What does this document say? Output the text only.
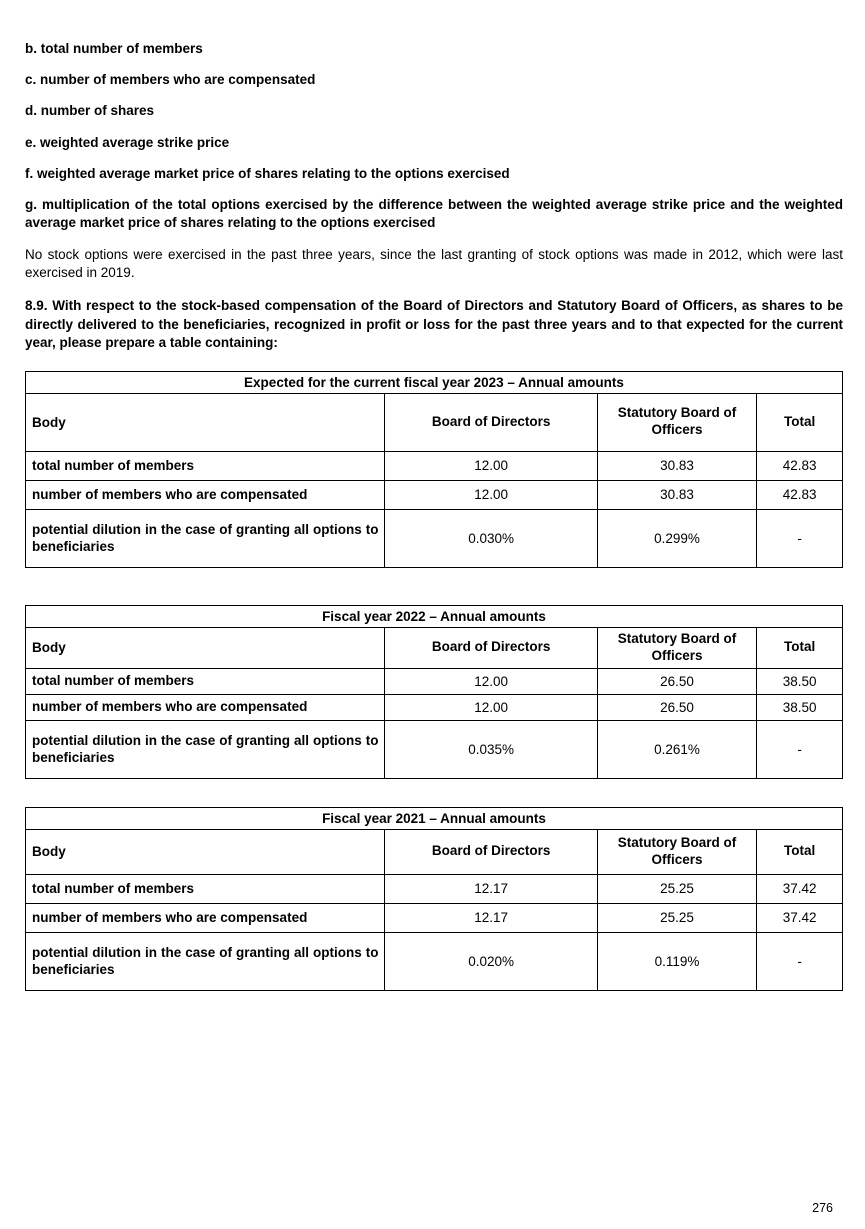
b. total number of members

c. number of members who are compensated

d. number of shares

e. weighted average strike price

f. weighted average market price of shares relating to the options exercised

g. multiplication of the total options exercised by the difference between the weighted average strike price and the weighted average market price of shares relating to the options exercised

No stock options were exercised in the past three years, since the last granting of stock options was made in 2012, which were last exercised in 2019.

8.9. With respect to the stock-based compensation of the Board of Directors and Statutory Board of Officers, as shares to be directly delivered to the beneficiaries, recognized in profit or loss for the past three years and to that expected for the current year, please prepare a table containing:

Expected for the current fiscal year 2023 – Annual amounts			
Body	Board of Directors	Statutory Board of Officers	Total
total number of members	12.00	30.83	42.83
number of members who are compensated	12.00	30.83	42.83
potential dilution in the case of granting all options to beneficiaries	0.030%	0.299%	-
Fiscal year 2022 – Annual amounts			
Body	Board of Directors	Statutory Board of Officers	Total
total number of members	12.00	26.50	38.50
number of members who are compensated	12.00	26.50	38.50
potential dilution in the case of granting all options to beneficiaries	0.035%	0.261%	-
Fiscal year 2021 – Annual amounts			
Body	Board of Directors	Statutory Board of Officers	Total
total number of members	12.17	25.25	37.42
number of members who are compensated	12.17	25.25	37.42
potential dilution in the case of granting all options to beneficiaries	0.020%	0.119%	-
276
